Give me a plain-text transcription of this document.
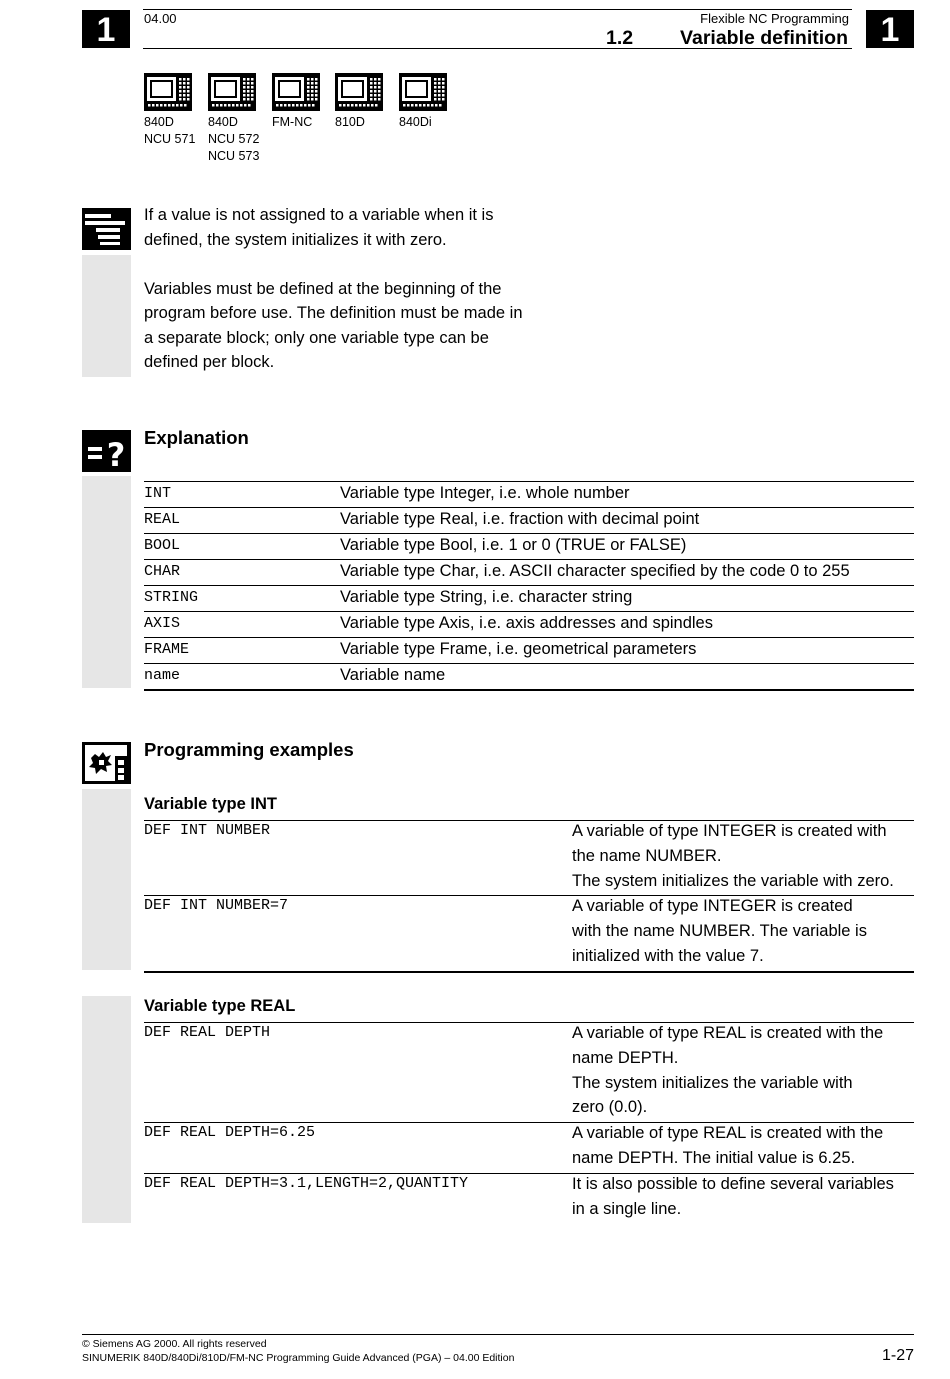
1	1
04.00	Flexible NC Programming
1.2 Variable definition
840D
NCU 571
840D
NCU 572
NCU 573
FM-NC 810D	840Di
If a value is not assigned to a variable when it is
defined, the system initializes it with zero.
Variables must be defined at the beginning of the
program before use. The definition must be made in
a separate block; only one variable type can be
defined per block.
? Explanation
INT	Variable type Integer, i.e. whole number
REAL	Variable type Real, i.e. fraction with decimal point
BOOL	Variable type Bool, i.e. 1 or 0 (TRUE or FALSE)
CHAR	Variable type Char, i.e. ASCII character specified by the code 0 to 255
STRING	Variable type String, i.e. character string
AXIS	Variable type Axis, i.e. axis addresses and spindles
FRAME	Variable type Frame, i.e. geometrical parameters
name	Variable name
Programming examples
Variable type INT
DEF INT NUMBER	A variable of type INTEGER is created with
the name NUMBER.
The system initializes the variable with zero.
DEF INT NUMBER=7	A variable of type INTEGER is created
with the name NUMBER. The variable is
initialized with the value 7.
Variable type REAL
DEF REAL DEPTH	A variable of type REAL is created with the
name DEPTH.
The system initializes the variable with
zero (0.0).
DEF REAL DEPTH=6.25	A variable of type REAL is created with the
name DEPTH. The initial value is 6.25.
DEF REAL DEPTH=3.1,LENGTH=2,QUANTITY	It is also possible to define several variables
in a single line.
© Siemens AG 2000. All rights reserved
SINUMERIK 840D/840Di/810D/FM-NC Programming Guide Advanced (PGA) – 04.00 Edition	1-27
